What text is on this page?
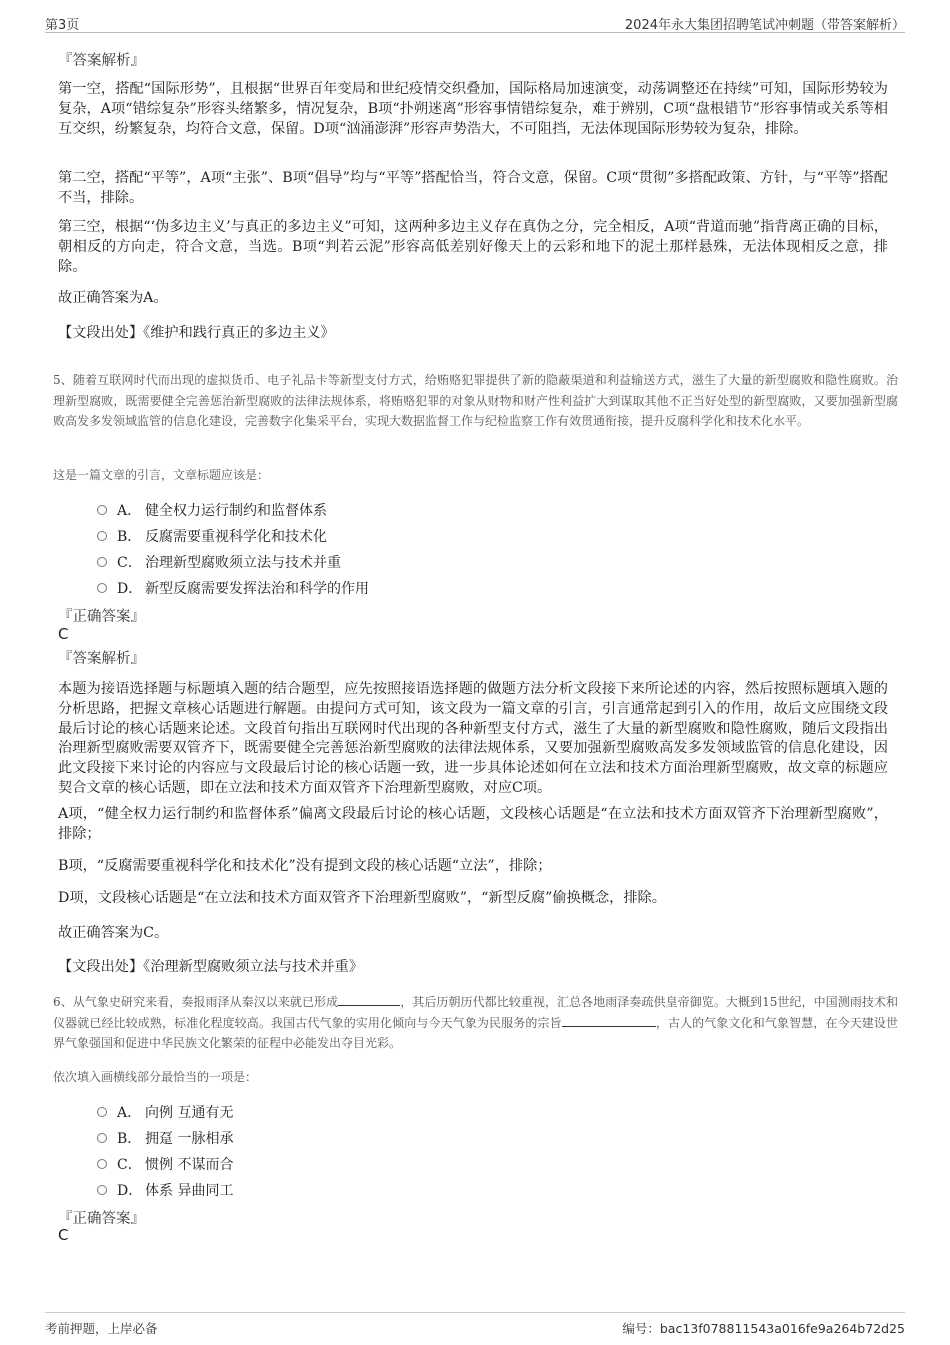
第3页	2024年永大集团招聘笔试冲刺题（带答案解析）
『答案解析』
第一空，搭配“国际形势”，且根据“世界百年变局和世纪疫情交织叠加，国际格局加速演变，动荡调整还在持续”可知，国际形势较为复杂，A项“错综复杂”形容头绪繁多，情况复杂，B项“扑朔迷离”形容事情错综复杂，难于辨别，C项“盘根错节”形容事情或关系等相互交织，纷繁复杂，均符合文意，保留。D项“汹涌澎湃”形容声势浩大，不可阻挡，无法体现国际形势较为复杂，排除。
第二空，搭配“平等”，A项“主张”、B项“倡导”均与“平等”搭配恰当，符合文意，保留。C项“贯彻”多搭配政策、方针，与“平等”搭配不当，排除。
第三空，根据“‘伪多边主义’与真正的多边主义”可知，这两种多边主义存在真伪之分，完全相反，A项“背道而驰”指背离正确的目标，朝相反的方向走，符合文意，当选。B项“判若云泥”形容高低差别好像天上的云彩和地下的泥土那样悬殊，无法体现相反之意，排除。
故正确答案为A。
【文段出处】《维护和践行真正的多边主义》
5、随着互联网时代而出现的虚拟货币、电子礼品卡等新型支付方式，给贿赂犯罪提供了新的隐蔽渠道和利益输送方式，滋生了大量的新型腐败和隐性腐败。治理新型腐败，既需要健全完善惩治新型腐败的法律法规体系，将贿赂犯罪的对象从财物和财产性利益扩大到谋取其他不正当好处型的新型腐败，又要加强新型腐败高发多发领域监管的信息化建设，完善数字化集采平台，实现大数据监督工作与纪检监察工作有效贯通衔接，提升反腐科学化和技术化水平。
这是一篇文章的引言，文章标题应该是：
A． 健全权力运行制约和监督体系
B． 反腐需要重视科学化和技术化
C． 治理新型腐败须立法与技术并重
D． 新型反腐需要发挥法治和科学的作用
『正确答案』
C
『答案解析』
本题为接语选择题与标题填入题的结合题型，应先按照接语选择题的做题方法分析文段接下来所论述的内容，然后按照标题填入题的分析思路，把握文章核心话题进行解题。由提问方式可知，该文段为一篇文章的引言，引言通常起到引入的作用，故后文应围绕文段最后讨论的核心话题来论述。文段首句指出互联网时代出现的各种新型支付方式，滋生了大量的新型腐败和隐性腐败，随后文段指出治理新型腐败需要双管齐下，既需要健全完善惩治新型腐败的法律法规体系，又要加强新型腐败高发多发领域监管的信息化建设，因此文段接下来讨论的内容应与文段最后讨论的核心话题一致，进一步具体论述如何在立法和技术方面治理新型腐败，故文章的标题应契合文章的核心话题，即在立法和技术方面双管齐下治理新型腐败，对应C项。
A项，“健全权力运行制约和监督体系”偏离文段最后讨论的核心话题，文段核心话题是“在立法和技术方面双管齐下治理新型腐败”，排除；
B项，“反腐需要重视科学化和技术化”没有提到文段的核心话题“立法”，排除；
D项，文段核心话题是“在立法和技术方面双管齐下治理新型腐败”，“新型反腐”偷换概念，排除。
故正确答案为C。
【文段出处】《治理新型腐败须立法与技术并重》
6、从气象史研究来看，奏报雨泽从秦汉以来就已形成	，其后历朝历代都比较重视，汇总各地雨泽奏疏供皇帝御览。大概到15世纪，中国测雨技术和仪器就已经比较成熟，标准化程度较高。我国古代气象的实用化倾向与今天气象为民服务的宗旨	，古人的气象文化和气象智慧，在今天建设世界气象强国和促进中华民族文化繁荣的征程中必能发出夺目光彩。
依次填入画横线部分最恰当的一项是：
A． 向例 互通有无
B． 拥趸 一脉相承
C． 惯例 不谋而合
D． 体系 异曲同工
『正确答案』
C
考前押题，上岸必备	编号：bac13f078811543a016fe9a264b72d25
